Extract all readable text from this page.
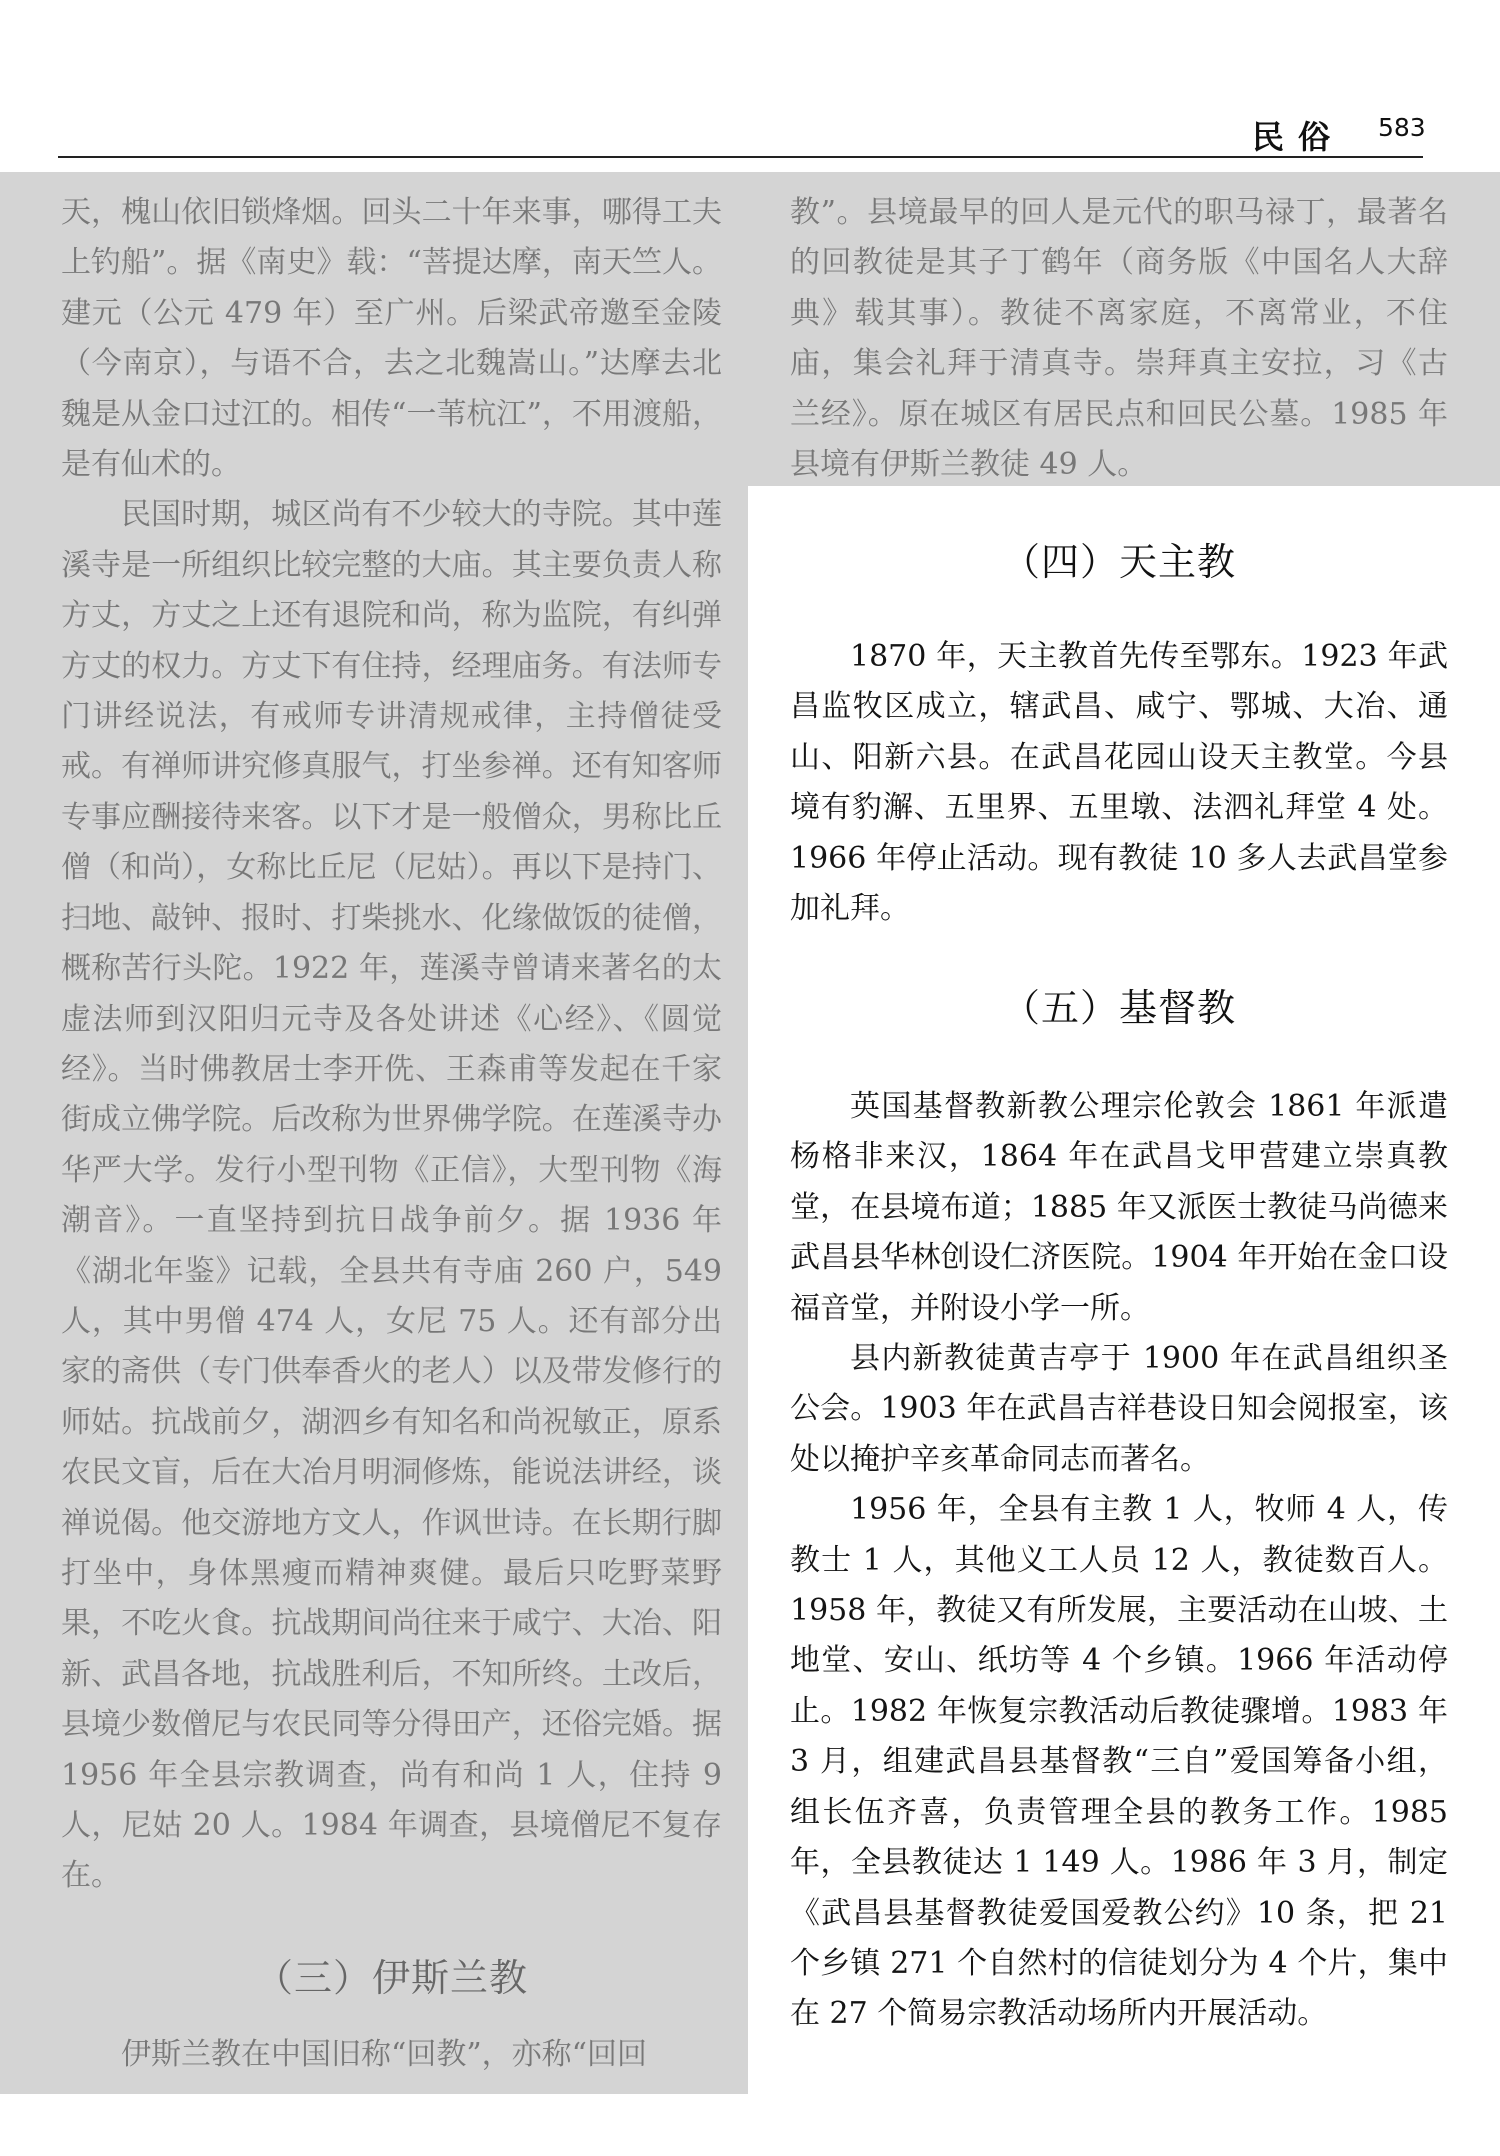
民俗 583

天，槐山依旧锁烽烟。回头二十年来事，哪得工夫上钓船”。据《南史》载：“菩提达摩，南天竺人。建元（公元 479 年）至广州。后梁武帝邀至金陵（今南京），与语不合，去之北魏嵩山。”达摩去北魏是从金口过江的。相传“一苇杭江”，不用渡船，是有仙术的。

民国时期，城区尚有不少较大的寺院。其中莲溪寺是一所组织比较完整的大庙。其主要负责人称方丈，方丈之上还有退院和尚，称为监院，有纠弹方丈的权力。方丈下有住持，经理庙务。有法师专门讲经说法，有戒师专讲清规戒律，主持僧徒受戒。有禅师讲究修真服气，打坐参禅。还有知客师专事应酬接待来客。以下才是一般僧众，男称比丘僧（和尚），女称比丘尼（尼姑）。再以下是持门、扫地、敲钟、报时、打柴挑水、化缘做饭的徒僧，概称苦行头陀。1922 年，莲溪寺曾请来著名的太虚法师到汉阳归元寺及各处讲述《心经》、《圆觉经》。当时佛教居士李开侁、王森甫等发起在千家街成立佛学院。后改称为世界佛学院。在莲溪寺办华严大学。发行小型刊物《正信》，大型刊物《海潮音》。一直坚持到抗日战争前夕。据 1936 年《湖北年鉴》记载，全县共有寺庙 260 户，549 人，其中男僧 474 人，女尼 75 人。还有部分出家的斋供（专门供奉香火的老人）以及带发修行的师姑。抗战前夕，湖泗乡有知名和尚祝敏正，原系农民文盲，后在大冶月明洞修炼，能说法讲经，谈禅说偈。他交游地方文人，作讽世诗。在长期行脚打坐中，身体黑瘦而精神爽健。最后只吃野菜野果，不吃火食。抗战期间尚往来于咸宁、大冶、阳新、武昌各地，抗战胜利后，不知所终。土改后，县境少数僧尼与农民同等分得田产，还俗完婚。据 1956 年全县宗教调查，尚有和尚 1 人，住持 9 人，尼姑 20 人。1984 年调查，县境僧尼不复存在。

（三）伊斯兰教

伊斯兰教在中国旧称“回教”，亦称“回回

教”。县境最早的回人是元代的职马禄丁，最著名的回教徒是其子丁鹤年（商务版《中国名人大辞典》载其事）。教徒不离家庭，不离常业，不住庙，集会礼拜于清真寺。崇拜真主安拉，习《古兰经》。原在城区有居民点和回民公墓。1985 年县境有伊斯兰教徒 49 人。

（四）天主教

1870 年，天主教首先传至鄂东。1923 年武昌监牧区成立，辖武昌、咸宁、鄂城、大冶、通山、阳新六县。在武昌花园山设天主教堂。今县境有豹澥、五里界、五里墩、法泗礼拜堂 4 处。1966 年停止活动。现有教徒 10 多人去武昌堂参加礼拜。

（五）基督教

英国基督教新教公理宗伦敦会 1861 年派遣杨格非来汉，1864 年在武昌戈甲营建立崇真教堂，在县境布道；1885 年又派医士教徒马尚德来武昌县华林创设仁济医院。1904 年开始在金口设福音堂，并附设小学一所。

县内新教徒黄吉亭于 1900 年在武昌组织圣公会。1903 年在武昌吉祥巷设日知会阅报室，该处以掩护辛亥革命同志而著名。

1956 年，全县有主教 1 人，牧师 4 人，传教士 1 人，其他义工人员 12 人，教徒数百人。1958 年，教徒又有所发展，主要活动在山坡、土地堂、安山、纸坊等 4 个乡镇。1966 年活动停止。1982 年恢复宗教活动后教徒骤增。1983 年 3 月，组建武昌县基督教“三自”爱国筹备小组，组长伍齐喜，负责管理全县的教务工作。1985 年，全县教徒达 1 149 人。1986 年 3 月，制定《武昌县基督教徒爱国爱教公约》10 条，把 21 个乡镇 271 个自然村的信徒划分为 4 个片，集中在 27 个简易宗教活动场所内开展活动。
